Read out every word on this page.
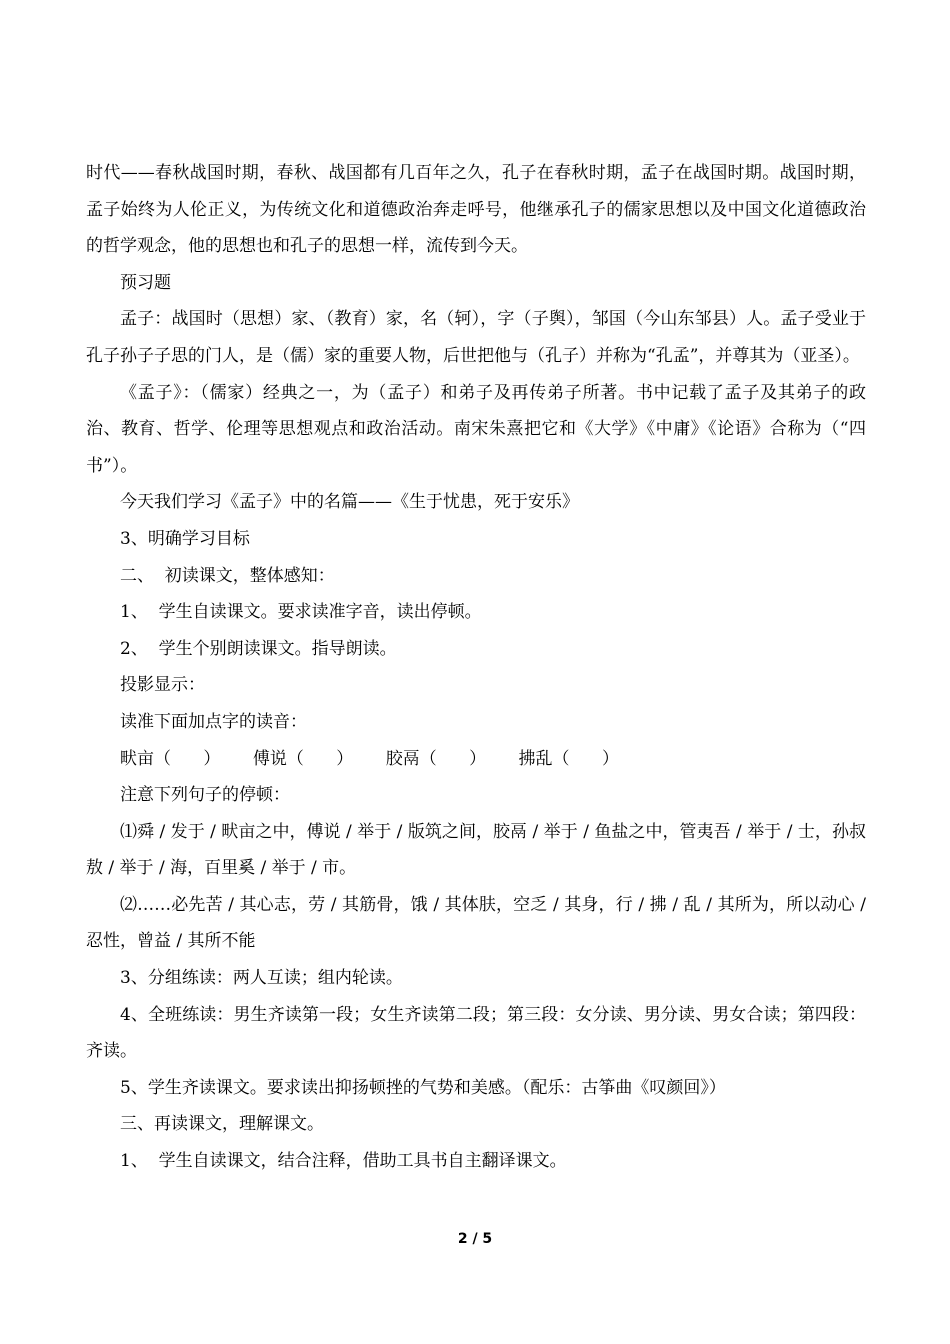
时代——春秋战国时期，春秋、战国都有几百年之久，孔子在春秋时期，孟子在战国时期。战国时期，孟子始终为人伦正义，为传统文化和道德政治奔走呼号，他继承孔子的儒家思想以及中国文化道德政治的哲学观念，他的思想也和孔子的思想一样，流传到今天。

预习题

孟子：战国时（思想）家、（教育）家，名（轲），字（子舆），邹国（今山东邹县）人。孟子受业于孔子孙子子思的门人，是（儒）家的重要人物，后世把他与（孔子）并称为“孔孟”，并尊其为（亚圣）。

《孟子》：（儒家）经典之一，为（孟子）和弟子及再传弟子所著。书中记载了孟子及其弟子的政治、教育、哲学、伦理等思想观点和政治活动。南宋朱熹把它和《大学》《中庸》《论语》合称为（“四书”）。

今天我们学习《孟子》中的名篇——《生于忧患，死于安乐》

3、明确学习目标

二、  初读课文，整体感知：

1、  学生自读课文。要求读准字音，读出停顿。

2、  学生个别朗读课文。指导朗读。

投影显示：

读准下面加点字的读音：

畎亩（      ）      傅说（      ）      胶鬲（      ）      拂乱（      ）

注意下列句子的停顿：

⑴舜 / 发于 / 畎亩之中，傅说 / 举于 / 版筑之间，胶鬲 / 举于 / 鱼盐之中，管夷吾 / 举于 / 士，孙叔敖 / 举于 / 海，百里奚 / 举于 / 市。

⑵……必先苦 / 其心志，劳 / 其筋骨，饿 / 其体肤，空乏 / 其身，行 / 拂 / 乱 / 其所为，所以动心 / 忍性，曾益 / 其所不能

3、分组练读：两人互读；组内轮读。

4、全班练读：男生齐读第一段；女生齐读第二段；第三段：女分读、男分读、男女合读；第四段：齐读。

5、学生齐读课文。要求读出抑扬顿挫的气势和美感。（配乐：古筝曲《叹颜回》）

三、再读课文，理解课文。

1、  学生自读课文，结合注释，借助工具书自主翻译课文。

2 / 5
